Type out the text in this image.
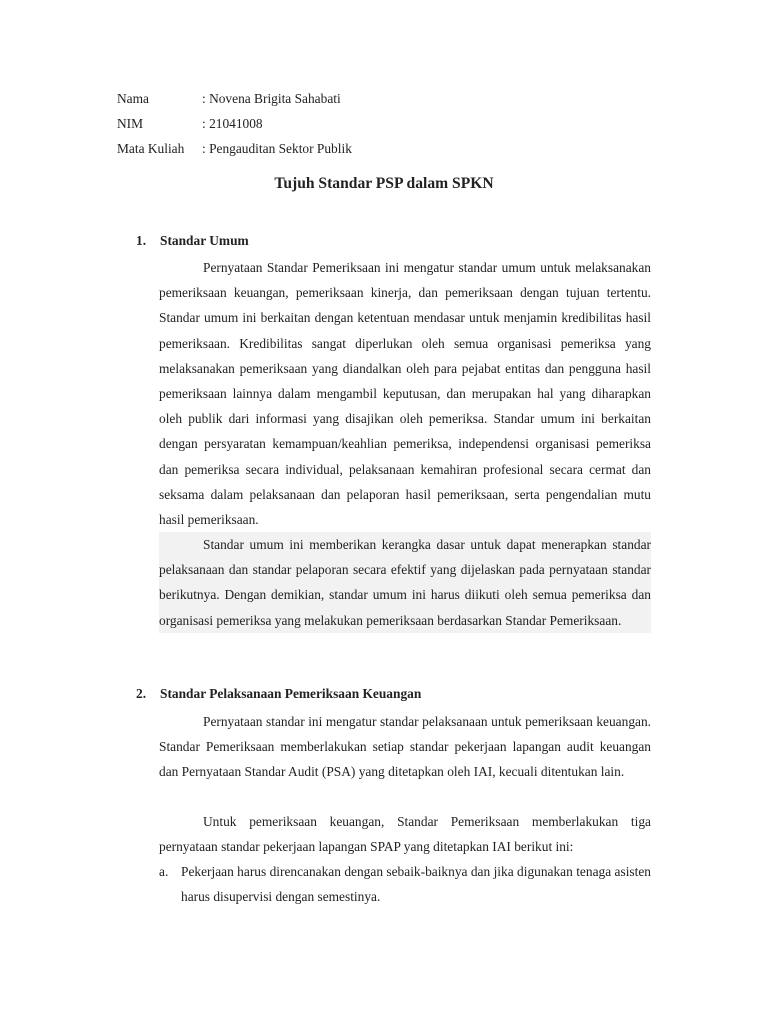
Nama	: Novena Brigita Sahabati
NIM	: 21041008
Mata Kuliah	: Pengauditan Sektor Publik
Tujuh Standar PSP dalam SPKN
1. Standar Umum

Pernyataan Standar Pemeriksaan ini mengatur standar umum untuk melaksanakan pemeriksaan keuangan, pemeriksaan kinerja, dan pemeriksaan dengan tujuan tertentu. Standar umum ini berkaitan dengan ketentuan mendasar untuk menjamin kredibilitas hasil pemeriksaan. Kredibilitas sangat diperlukan oleh semua organisasi pemeriksa yang melaksanakan pemeriksaan yang diandalkan oleh para pejabat entitas dan pengguna hasil pemeriksaan lainnya dalam mengambil keputusan, dan merupakan hal yang diharapkan oleh publik dari informasi yang disajikan oleh pemeriksa. Standar umum ini berkaitan dengan persyaratan kemampuan/keahlian pemeriksa, independensi organisasi pemeriksa dan pemeriksa secara individual, pelaksanaan kemahiran profesional secara cermat dan seksama dalam pelaksanaan dan pelaporan hasil pemeriksaan, serta pengendalian mutu hasil pemeriksaan.

Standar umum ini memberikan kerangka dasar untuk dapat menerapkan standar pelaksanaan dan standar pelaporan secara efektif yang dijelaskan pada pernyataan standar berikutnya. Dengan demikian, standar umum ini harus diikuti oleh semua pemeriksa dan organisasi pemeriksa yang melakukan pemeriksaan berdasarkan Standar Pemeriksaan.

2. Standar Pelaksanaan Pemeriksaan Keuangan

Pernyataan standar ini mengatur standar pelaksanaan untuk pemeriksaan keuangan. Standar Pemeriksaan memberlakukan setiap standar pekerjaan lapangan audit keuangan dan Pernyataan Standar Audit (PSA) yang ditetapkan oleh IAI, kecuali ditentukan lain.

Untuk pemeriksaan keuangan, Standar Pemeriksaan memberlakukan tiga pernyataan standar pekerjaan lapangan SPAP yang ditetapkan IAI berikut ini:

a. Pekerjaan harus direncanakan dengan sebaik-baiknya dan jika digunakan tenaga asisten harus disupervisi dengan semestinya.
